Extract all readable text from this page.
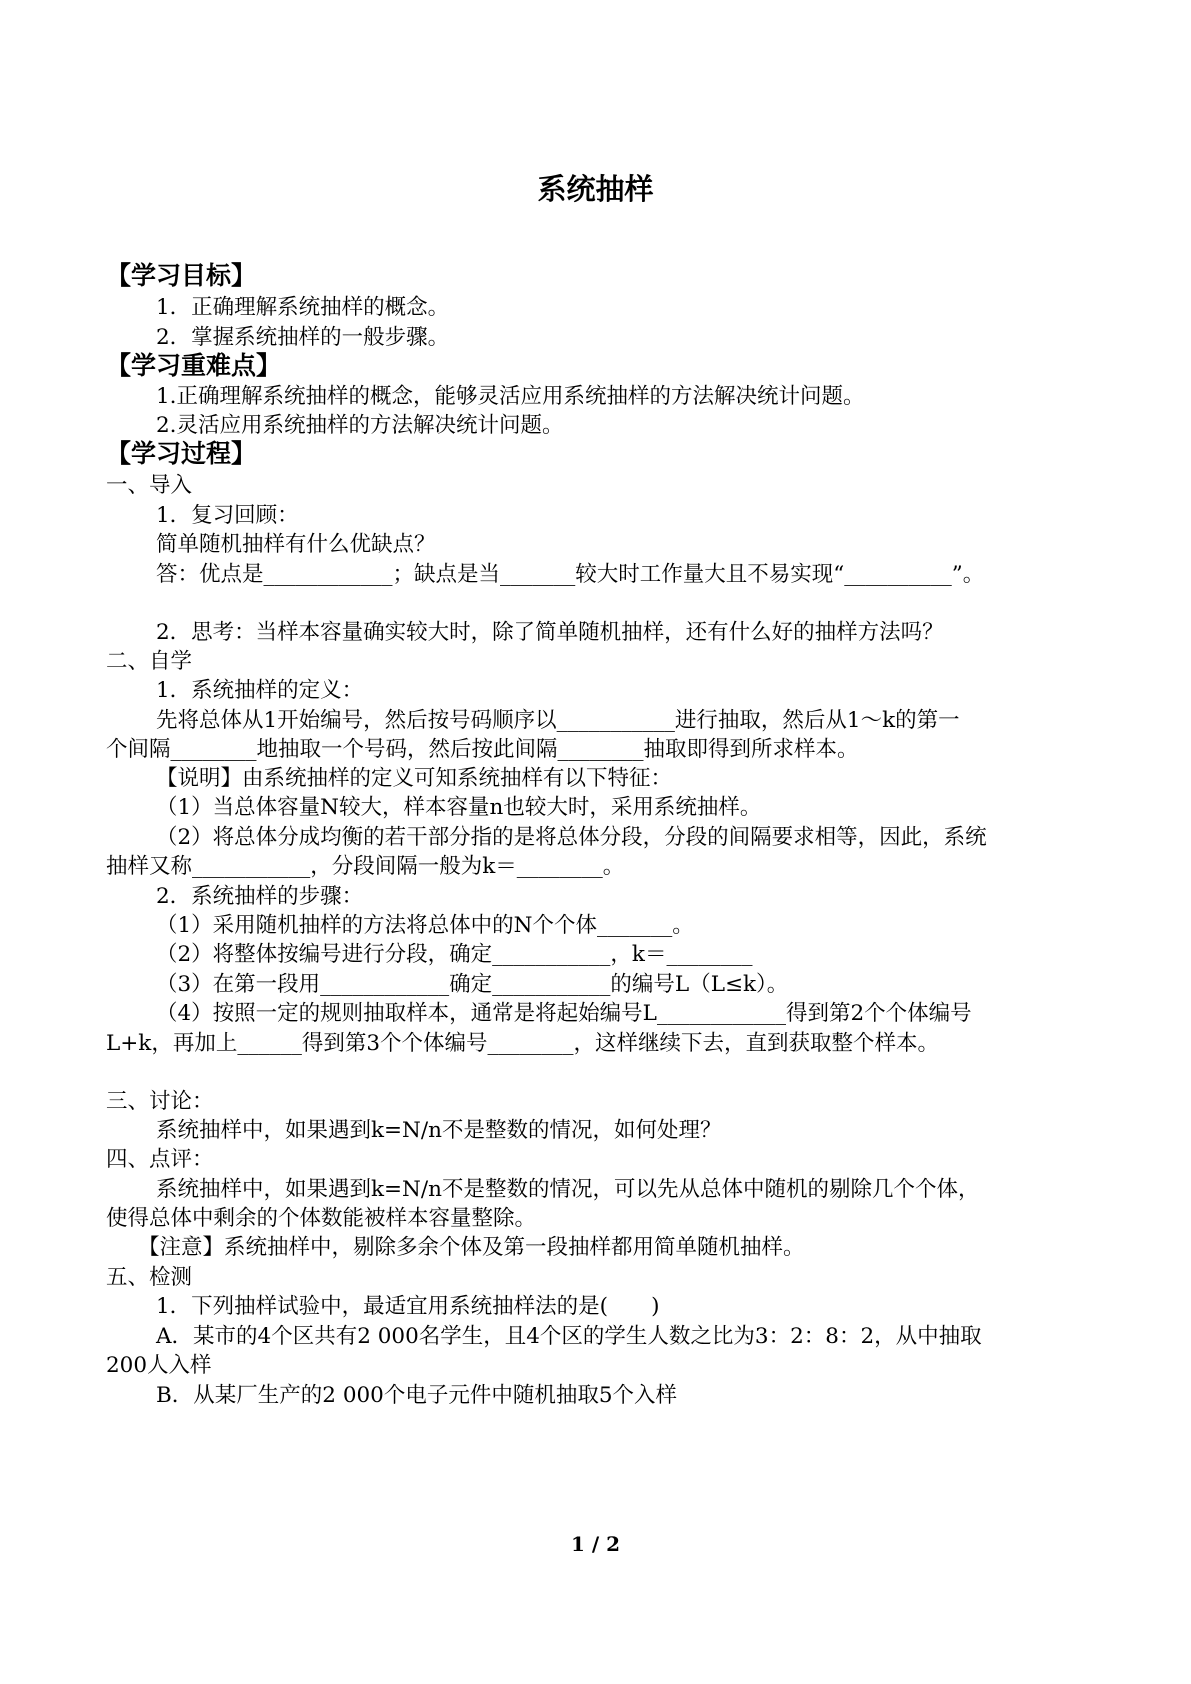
系统抽样
【学习目标】
1．正确理解系统抽样的概念。
2．掌握系统抽样的一般步骤。
【学习重难点】
1.正确理解系统抽样的概念，能够灵活应用系统抽样的方法解决统计问题。
2.灵活应用系统抽样的方法解决统计问题。
【学习过程】
一、导入
1．复习回顾：
简单随机抽样有什么优缺点？
答：优点是____________；缺点是当_______较大时工作量大且不易实现“__________”。
2．思考：当样本容量确实较大时，除了简单随机抽样，还有什么好的抽样方法吗？
二、自学
1．系统抽样的定义：
先将总体从1开始编号，然后按号码顺序以___________进行抽取，然后从1～k的第一
个间隔________地抽取一个号码，然后按此间隔________抽取即得到所求样本。
【说明】由系统抽样的定义可知系统抽样有以下特征：
（1）当总体容量N较大，样本容量n也较大时，采用系统抽样。
（2）将总体分成均衡的若干部分指的是将总体分段，分段的间隔要求相等，因此，系统
抽样又称___________，分段间隔一般为k＝________。
2．系统抽样的步骤：
（1）采用随机抽样的方法将总体中的N个个体_______。
（2）将整体按编号进行分段，确定___________，k＝________
（3）在第一段用____________确定___________的编号L（L≤k）。
（4）按照一定的规则抽取样本，通常是将起始编号L____________得到第2个个体编号
L+k，再加上______得到第3个个体编号________，这样继续下去，直到获取整个样本。
三、讨论：
系统抽样中，如果遇到k=N/n不是整数的情况，如何处理？
四、点评：
系统抽样中，如果遇到k=N/n不是整数的情况，可以先从总体中随机的剔除几个个体，
使得总体中剩余的个体数能被样本容量整除。
【注意】系统抽样中，剔除多余个体及第一段抽样都用简单随机抽样。
五、检测
1．下列抽样试验中，最适宜用系统抽样法的是(　　)
A．某市的4个区共有2 000名学生，且4个区的学生人数之比为3：2：8：2，从中抽取
200人入样
B．从某厂生产的2 000个电子元件中随机抽取5个入样
1 / 2
